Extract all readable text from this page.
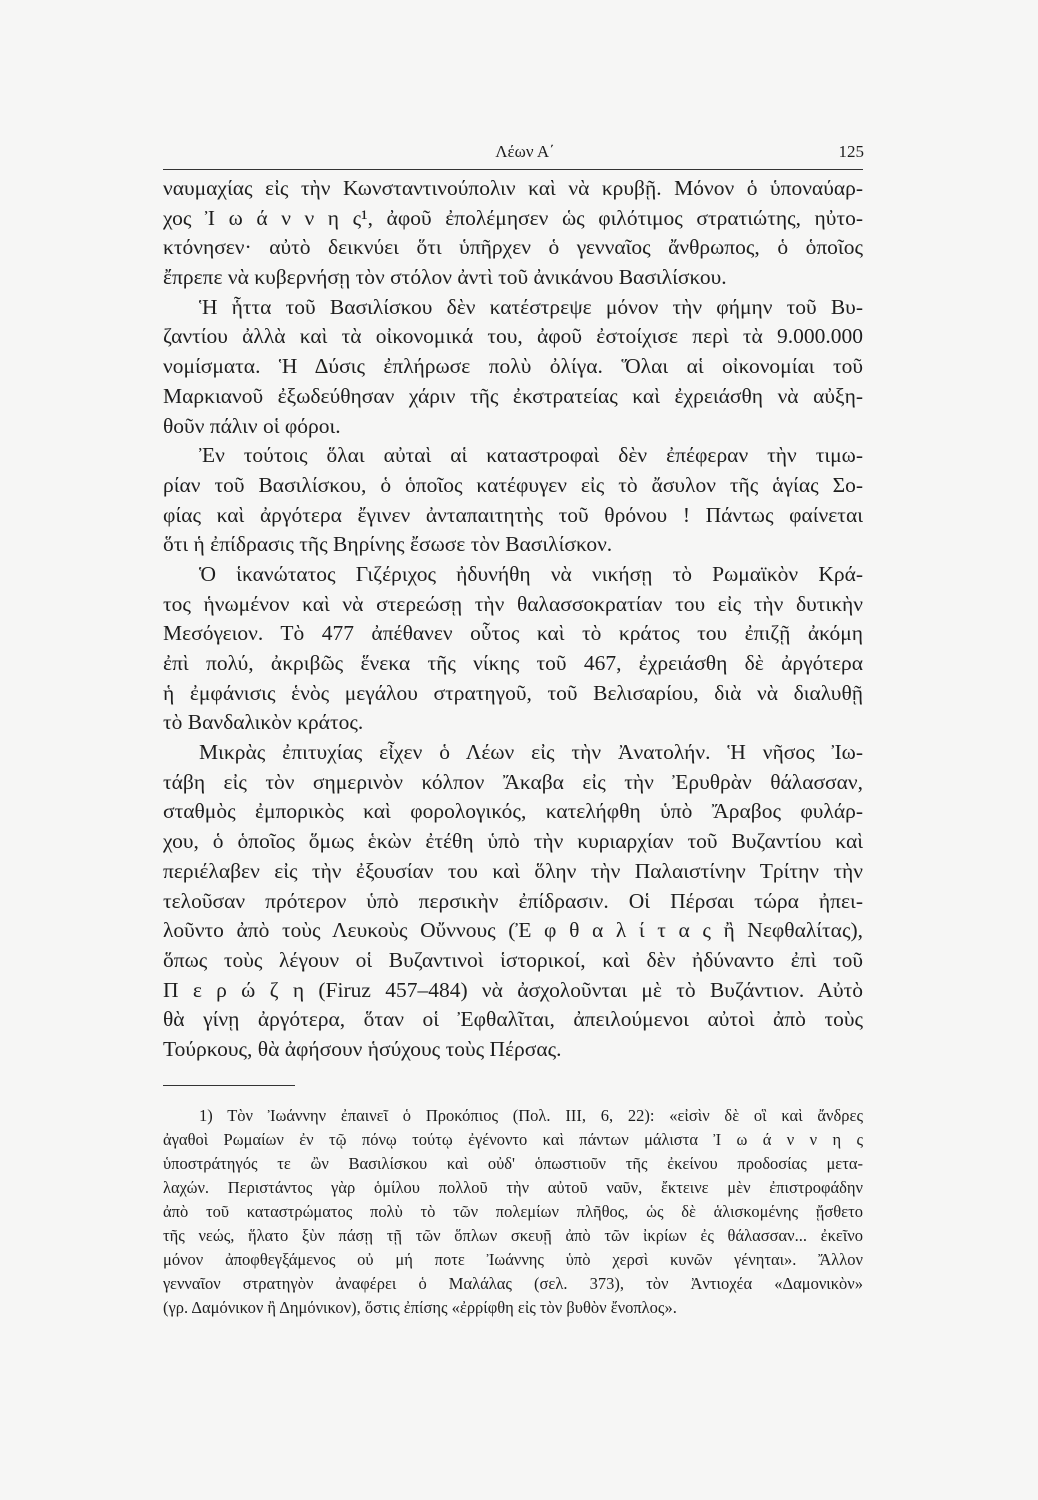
Λέων Α΄	125
ναυμαχίας εἰς τὴν Κωνσταντινούπολιν καὶ νὰ κρυβῇ. Μόνον ὁ ὑποναύαρ-
χος Ἰ ω ά ν ν η ς¹, ἀφοῦ ἐπολέμησεν ὡς φιλότιμος στρατιώτης, ηὐτο-
κτόνησεν· αὐτὸ δεικνύει ὅτι ὑπῆρχεν ὁ γενναῖος ἄνθρωπος, ὁ ὁποῖος
ἔπρεπε νὰ κυβερνήσῃ τὸν στόλον ἀντὶ τοῦ ἀνικάνου Βασιλίσκου.
Ἡ ἧττα τοῦ Βασιλίσκου δὲν κατέστρεψε μόνον τὴν φήμην τοῦ Βυ-
ζαντίου ἀλλὰ καὶ τὰ οἰκονομικά του, ἀφοῦ ἐστοίχισε περὶ τὰ 9.000.000
νομίσματα. Ἡ Δύσις ἐπλήρωσε πολὺ ὀλίγα. Ὅλαι αἱ οἰκονομίαι τοῦ
Μαρκιανοῦ ἐξωδεύθησαν χάριν τῆς ἐκστρατείας καὶ ἐχρειάσθη νὰ αὐξη-
θοῦν πάλιν οἱ φόροι.
Ἐν τούτοις ὅλαι αὐταὶ αἱ καταστροφαὶ δὲν ἐπέφεραν τὴν τιμω-
ρίαν τοῦ Βασιλίσκου, ὁ ὁποῖος κατέφυγεν εἰς τὸ ἄσυλον τῆς ἁγίας Σο-
φίας καὶ ἀργότερα ἔγινεν ἀνταπαιτητὴς τοῦ θρόνου ! Πάντως φαίνεται
ὅτι ἡ ἐπίδρασις τῆς Βηρίνης ἔσωσε τὸν Βασιλίσκον.
Ὁ ἱκανώτατος Γιζέριχος ἠδυνήθη νὰ νικήσῃ τὸ Ρωμαϊκὸν Κρά-
τος ἡνωμένον καὶ νὰ στερεώσῃ τὴν θαλασσοκρατίαν του εἰς τὴν δυτικὴν
Μεσόγειον. Τὸ 477 ἀπέθανεν οὗτος καὶ τὸ κράτος του ἐπιζῇ ἀκόμη
ἐπὶ πολύ, ἀκριβῶς ἕνεκα τῆς νίκης τοῦ 467, ἐχρειάσθη δὲ ἀργότερα
ἡ ἐμφάνισις ἑνὸς μεγάλου στρατηγοῦ, τοῦ Βελισαρίου, διὰ νὰ διαλυθῇ
τὸ Βανδαλικὸν κράτος.
Μικρὰς ἐπιτυχίας εἶχεν ὁ Λέων εἰς τὴν Ἀνατολήν. Ἡ νῆσος Ἰω-
τάβη εἰς τὸν σημερινὸν κόλπον Ἄκαβα εἰς τὴν Ἐρυθρὰν θάλασσαν,
σταθμὸς ἐμπορικὸς καὶ φορολογικός, κατελήφθη ὑπὸ Ἄραβος φυλάρ-
χου, ὁ ὁποῖος ὅμως ἑκὼν ἐτέθη ὑπὸ τὴν κυριαρχίαν τοῦ Βυζαντίου καὶ
περιέλαβεν εἰς τὴν ἐξουσίαν του καὶ ὅλην τὴν Παλαιστίνην Τρίτην τὴν
τελοῦσαν πρότερον ὑπὸ περσικὴν ἐπίδρασιν. Οἱ Πέρσαι τώρα ἠπει-
λοῦντο ἀπὸ τοὺς Λευκοὺς Οὔννους (Ἐ φ θ α λ ί τ α ς ἢ Νεφθαλίτας),
ὅπως τοὺς λέγουν οἱ Βυζαντινοὶ ἱστορικοί, καὶ δὲν ἠδύναντο ἐπὶ τοῦ
Π ε ρ ώ ζ η (Firuz 457–484) νὰ ἀσχολοῦνται μὲ τὸ Βυζάντιον. Αὐτὸ
θὰ γίνῃ ἀργότερα, ὅταν οἱ Ἐφθαλῖται, ἀπειλούμενοι αὐτοὶ ἀπὸ τοὺς
Τούρκους, θὰ ἀφήσουν ἡσύχους τοὺς Πέρσας.
1) Τὸν Ἰωάννην ἐπαινεῖ ὁ Προκόπιος (Πολ. III, 6, 22): «εἰσὶν δὲ οἳ καὶ ἄνδρες
ἀγαθοὶ Ρωμαίων ἐν τῷ πόνῳ τούτῳ ἐγένοντο καὶ πάντων μάλιστα Ἰ ω ά ν ν η ς
ὑποστράτηγός τε ὢν Βασιλίσκου καὶ οὐδ' ὁπωστιοῦν τῆς ἐκείνου προδοσίας μετα-
λαχών. Περιστάντος γὰρ ὁμίλου πολλοῦ τὴν αὐτοῦ ναῦν, ἔκτεινε μὲν ἐπιστροφάδην
ἀπὸ τοῦ καταστρώματος πολὺ τὸ τῶν πολεμίων πλῆθος, ὡς δὲ ἁλισκομένης ᾔσθετο
τῆς νεώς, ἥλατο ξὺν πάσῃ τῇ τῶν ὅπλων σκευῇ ἀπὸ τῶν ἰκρίων ἐς θάλασσαν... ἐκεῖνο
μόνον ἀποφθεγξάμενος οὐ μή ποτε Ἰωάννης ὑπὸ χερσὶ κυνῶν γένηται». Ἄλλον
γενναῖον στρατηγὸν ἀναφέρει ὁ Μαλάλας (σελ. 373), τὸν Ἀντιοχέα «Δαμονικὸν»
(γρ. Δαμόνικον ἢ Δημόνικον), ὅστις ἐπίσης «ἐρρίφθη εἰς τὸν βυθὸν ἔνοπλος».
